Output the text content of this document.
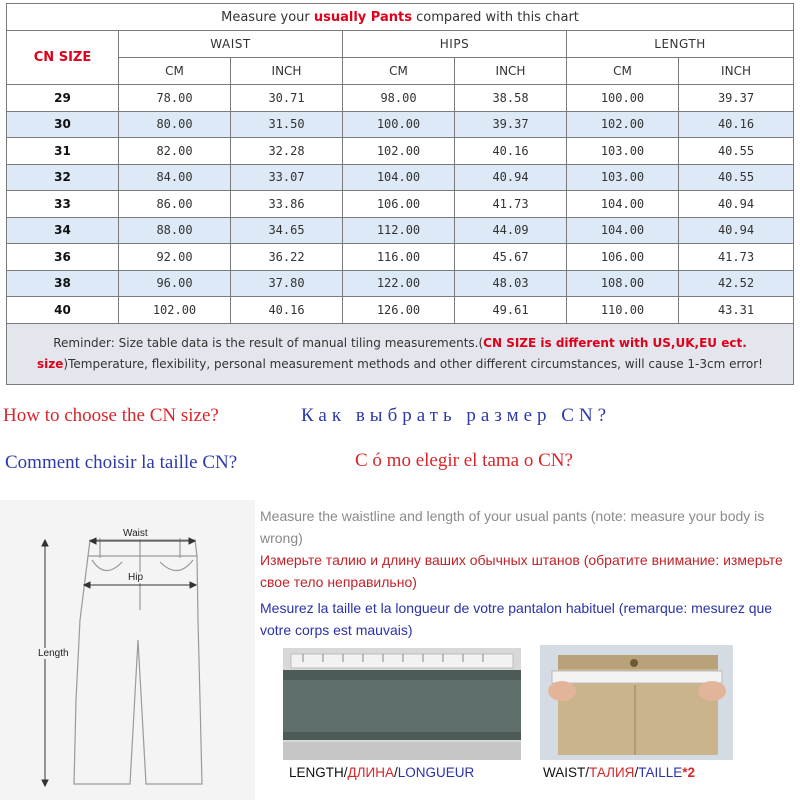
Measure your usually Pants compared with this chart						
CN SIZE	WAIST		HIPS		LENGTH	
	CM	INCH	CM	INCH	CM	INCH
29	78.00	30.71	98.00	38.58	100.00	39.37
30	80.00	31.50	100.00	39.37	102.00	40.16
31	82.00	32.28	102.00	40.16	103.00	40.55
32	84.00	33.07	104.00	40.94	103.00	40.55
33	86.00	33.86	106.00	41.73	104.00	40.94
34	88.00	34.65	112.00	44.09	104.00	40.94
36	92.00	36.22	116.00	45.67	106.00	41.73
38	96.00	37.80	122.00	48.03	108.00	42.52
40	102.00	40.16	126.00	49.61	110.00	43.31
Reminder: Size table data is the result of manual tiling measurements.(CN SIZE is different with US,UK,EU ect. size)Temperature, flexibility, personal measurement methods and other different circumstances, will cause 1-3cm error!						
How to choose the CN size?	Как выбрать размер CN?
Comment choisir la taille CN?	C ó mo elegir el tama o CN?
Waist
Hip
Length
Measure the waistline and length of your usual pants (note: measure your body is wrong)
Измерьте талию и длину ваших обычных штанов (обратите внимание: измерьте свое тело неправильно)
Mesurez la taille et la longueur de votre pantalon habituel (remarque: mesurez que votre corps est mauvais)
LENGTH/ДЛИНА/LONGUEUR	WAIST/ТАЛИЯ/TAILLE*2
